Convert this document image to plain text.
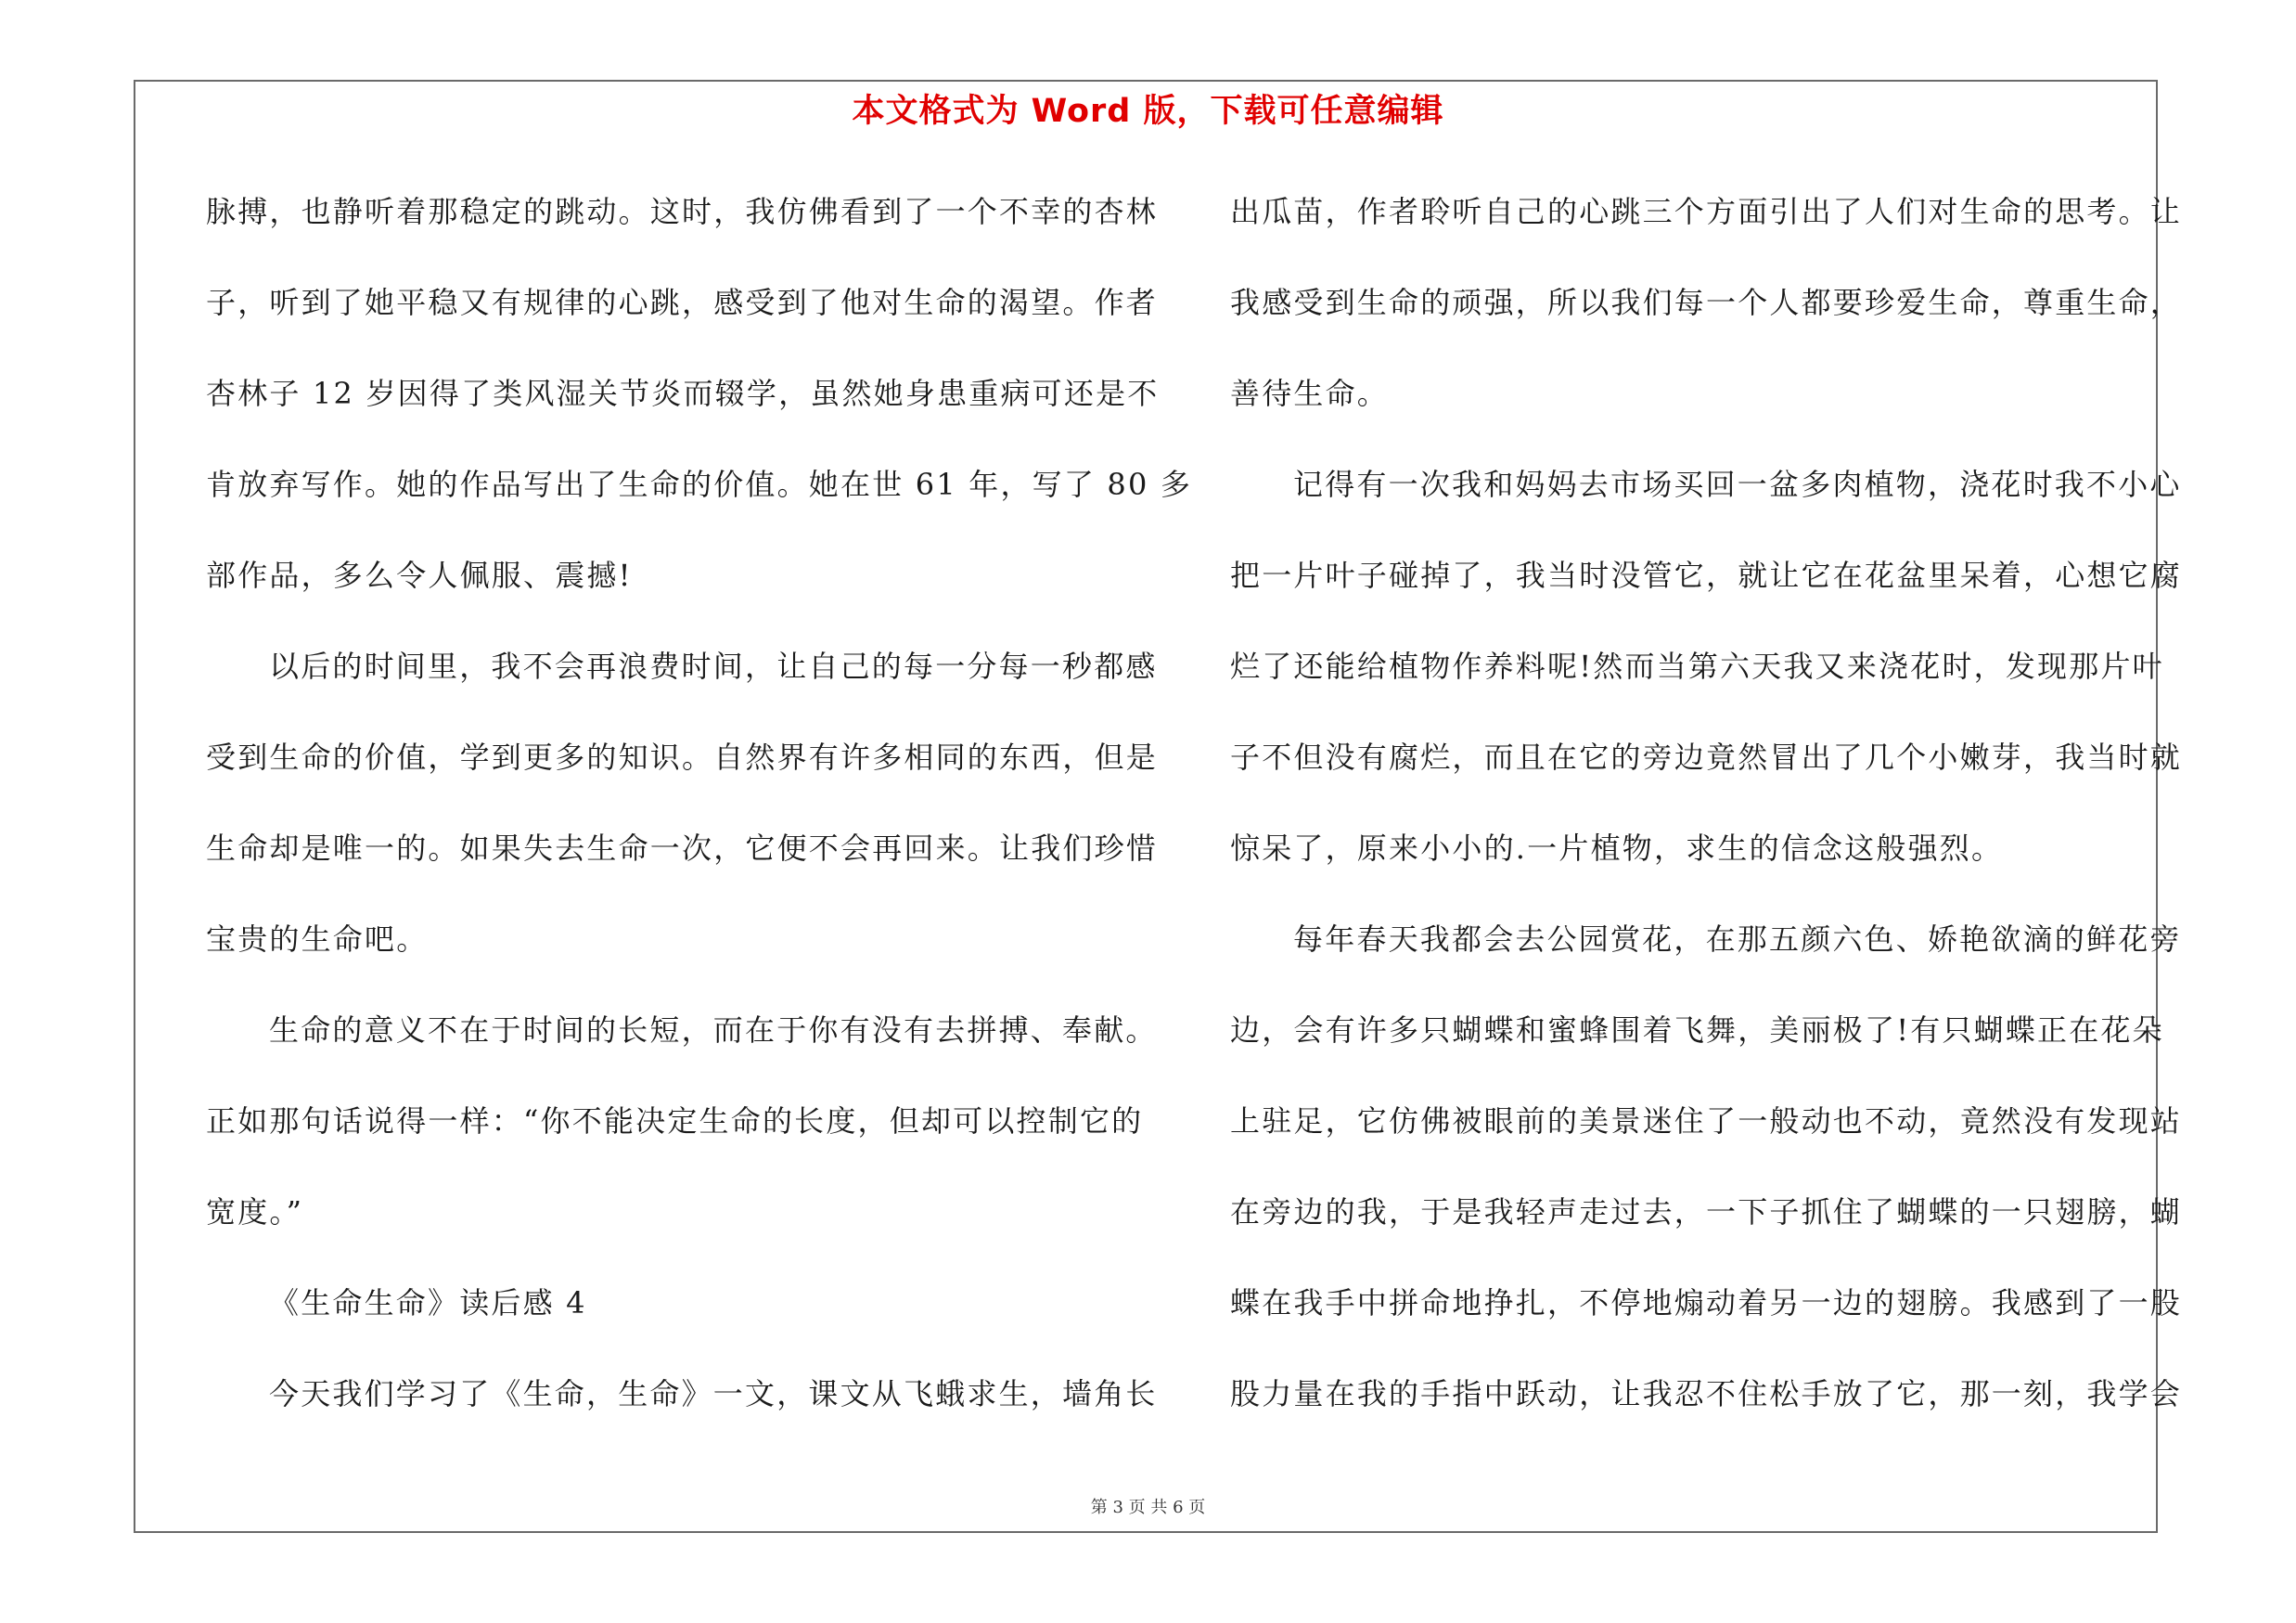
本文格式为 Word 版，下载可任意编辑
脉搏，也静听着那稳定的跳动。这时，我仿佛看到了一个不幸的杏林
子，听到了她平稳又有规律的心跳，感受到了他对生命的渴望。作者
杏林子 12 岁因得了类风湿关节炎而辍学，虽然她身患重病可还是不
肯放弃写作。她的作品写出了生命的价值。她在世 61 年，写了 80 多
部作品，多么令人佩服、震撼!
以后的时间里，我不会再浪费时间，让自己的每一分每一秒都感
受到生命的价值，学到更多的知识。自然界有许多相同的东西，但是
生命却是唯一的。如果失去生命一次，它便不会再回来。让我们珍惜
宝贵的生命吧。
生命的意义不在于时间的长短，而在于你有没有去拼搏、奉献。
正如那句话说得一样：“你不能决定生命的长度，但却可以控制它的
宽度。”
《生命生命》读后感 4
今天我们学习了《生命，生命》一文，课文从飞蛾求生，墙角长
出瓜苗，作者聆听自己的心跳三个方面引出了人们对生命的思考。让
我感受到生命的顽强，所以我们每一个人都要珍爱生命，尊重生命，
善待生命。
记得有一次我和妈妈去市场买回一盆多肉植物，浇花时我不小心
把一片叶子碰掉了，我当时没管它，就让它在花盆里呆着，心想它腐
烂了还能给植物作养料呢!然而当第六天我又来浇花时，发现那片叶
子不但没有腐烂，而且在它的旁边竟然冒出了几个小嫩芽，我当时就
惊呆了，原来小小的.一片植物，求生的信念这般强烈。
每年春天我都会去公园赏花，在那五颜六色、娇艳欲滴的鲜花旁
边，会有许多只蝴蝶和蜜蜂围着飞舞，美丽极了!有只蝴蝶正在花朵
上驻足，它仿佛被眼前的美景迷住了一般动也不动，竟然没有发现站
在旁边的我，于是我轻声走过去，一下子抓住了蝴蝶的一只翅膀，蝴
蝶在我手中拼命地挣扎，不停地煽动着另一边的翅膀。我感到了一股
股力量在我的手指中跃动，让我忍不住松手放了它，那一刻，我学会
第 3 页 共 6 页
